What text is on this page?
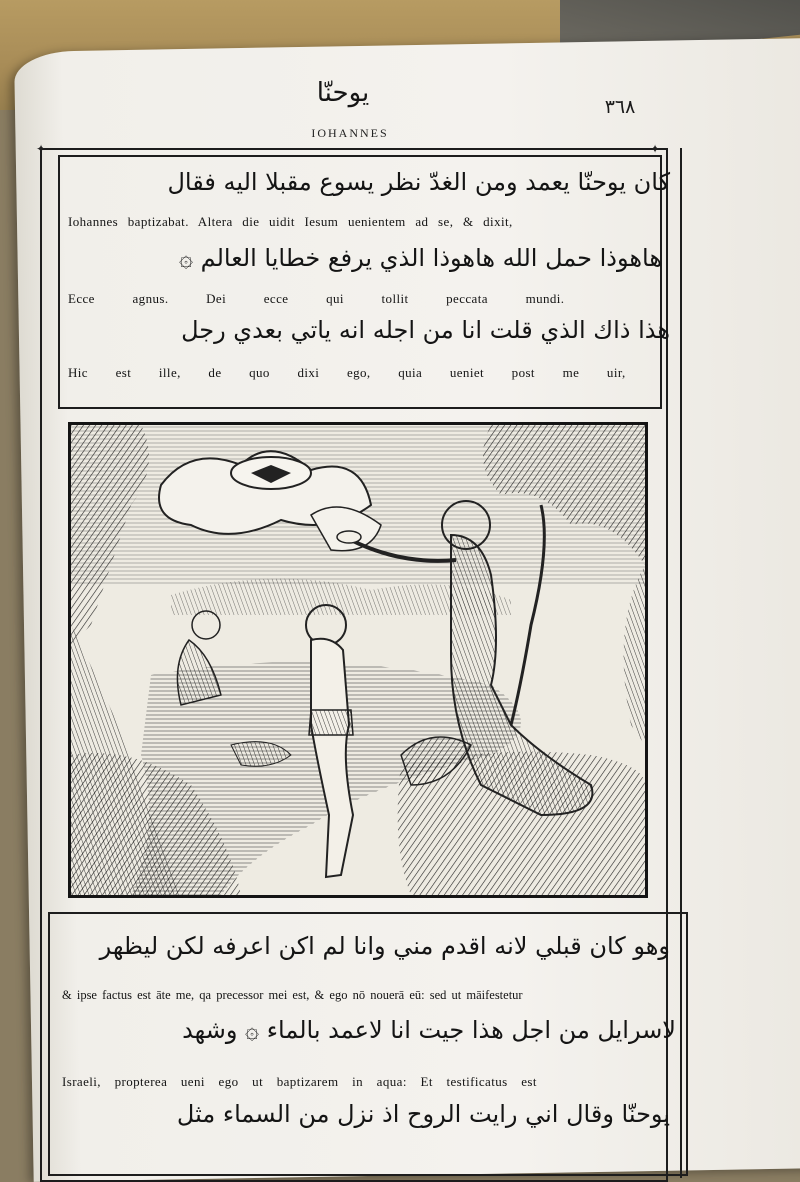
يوحنّا
IOHANNES
٣٦٨
✦	✦
كان يوحنّا يعمد ومن الغدّ نظر يسوع مقبلا اليه فقال
Iohannes baptizabat. Altera die uidit Iesum uenientem ad se, & dixit,
هاهوذا حمل الله هاهوذا الذي يرفع خطايا العالم ۞
Ecce agnus. Dei ecce qui tollit peccata mundi.
هذا ذاك الذي قلت انا من اجله انه ياتي بعدي رجل
Hic est ille, de quo dixi ego, quia ueniet post me uir,
وهو كان قبلي لانه اقدم مني وانا لم اكن اعرفه لكن ليظهر
& ipse factus est āte me, qa precessor mei est, & ego nō nouerā eū: sed ut māifestetur
لاسرايل من اجل هذا جيت انا لاعمد بالماء ۞ وشهد
Israeli, propterea ueni ego ut baptizarem in aqua: Et testificatus est
يوحنّا وقال اني رايت الروح اذ نزل من السماء مثل
